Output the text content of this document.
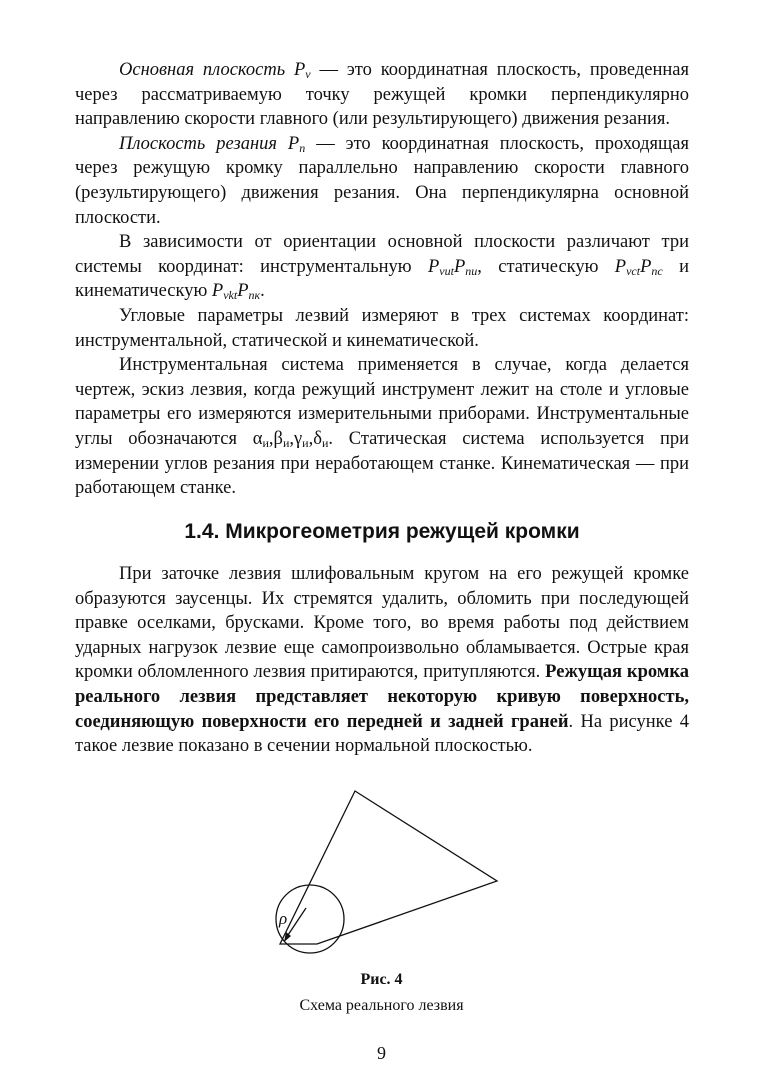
Основная плоскость $P_v$ — это координатная плоскость, проведенная через рассматриваемую точку режущей кромки перпендикулярно направлению скорости главного (или результирующего) движения резания.

Плоскость резания $P_n$ — это координатная плоскость, проходящая через режущую кромку параллельно направлению скорости главного (результирующего) движения резания. Она перпендикулярна основной плоскости.

В зависимости от ориентации основной плоскости различают три системы координат: инструментальную $P_{vut}P_{nu}$, статическую $P_{vct}P_{nc}$ и кинематическую $P_{vkt}P_{nк}$.

Угловые параметры лезвий измеряют в трех системах координат: инструментальной, статической и кинематической.

Инструментальная система применяется в случае, когда делается чертеж, эскиз лезвия, когда режущий инструмент лежит на столе и угловые параметры его измеряются измерительными приборами. Инструментальные углы обозначаются $\alpha_и,\beta_и,\gamma_и,\delta_и$. Статическая система используется при измерении углов резания при неработающем станке. Кинематическая — при работающем станке.

1.4. Микрогеометрия режущей кромки

При заточке лезвия шлифовальным кругом на его режущей кромке образуются заусенцы. Их стремятся удалить, обломить при последующей правке оселками, брусками. Кроме того, во время работы под действием ударных нагрузок лезвие еще самопроизвольно обламывается. Острые края кромки обломленного лезвия притираются, притупляются. Режущая кромка реального лезвия представляет некоторую кривую поверхность, соединяющую поверхности его передней и задней граней. На рисунке 4 такое лезвие показано в сечении нормальной плоскостью.

ρ
Рис. 4
Схема реального лезвия
9
